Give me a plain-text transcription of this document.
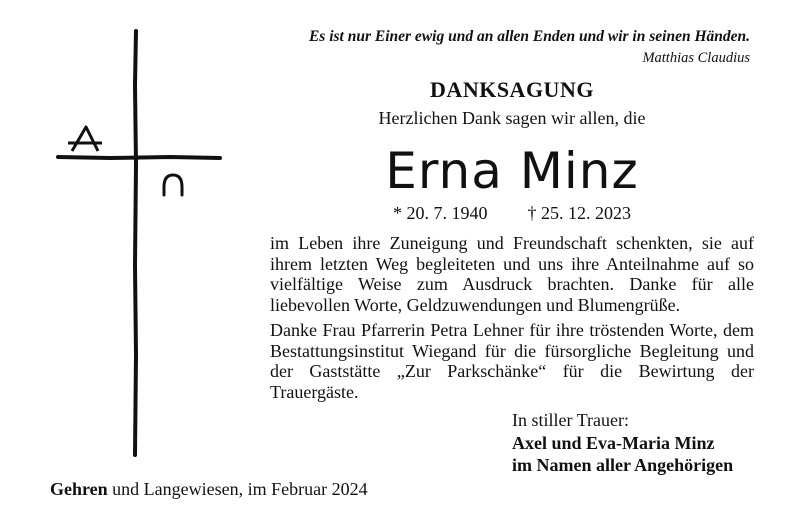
Es ist nur Einer ewig und an allen Enden und wir in seinen Händen.
Matthias Claudius
DANKSAGUNG
Herzlichen Dank sagen wir allen, die
Erna Minz
* 20. 7. 1940 † 25. 12. 2023
im Leben ihre Zuneigung und Freundschaft schenkten, sie auf ihrem letzten Weg begleiteten und uns ihre Anteilnahme auf so vielfältige Weise zum Ausdruck brachten. Danke für alle liebevollen Worte, Geldzuwendungen und Blumengrüße.
Danke Frau Pfarrerin Petra Lehner für ihre tröstenden Worte, dem Bestattungsinstitut Wiegand für die fürsorgliche Begleitung und der Gaststätte „Zur Parkschänke“ für die Bewirtung der Trauergäste.
In stiller Trauer:
Axel und Eva-Maria Minz
im Namen aller Angehörigen
Gehren und Langewiesen, im Februar 2024
